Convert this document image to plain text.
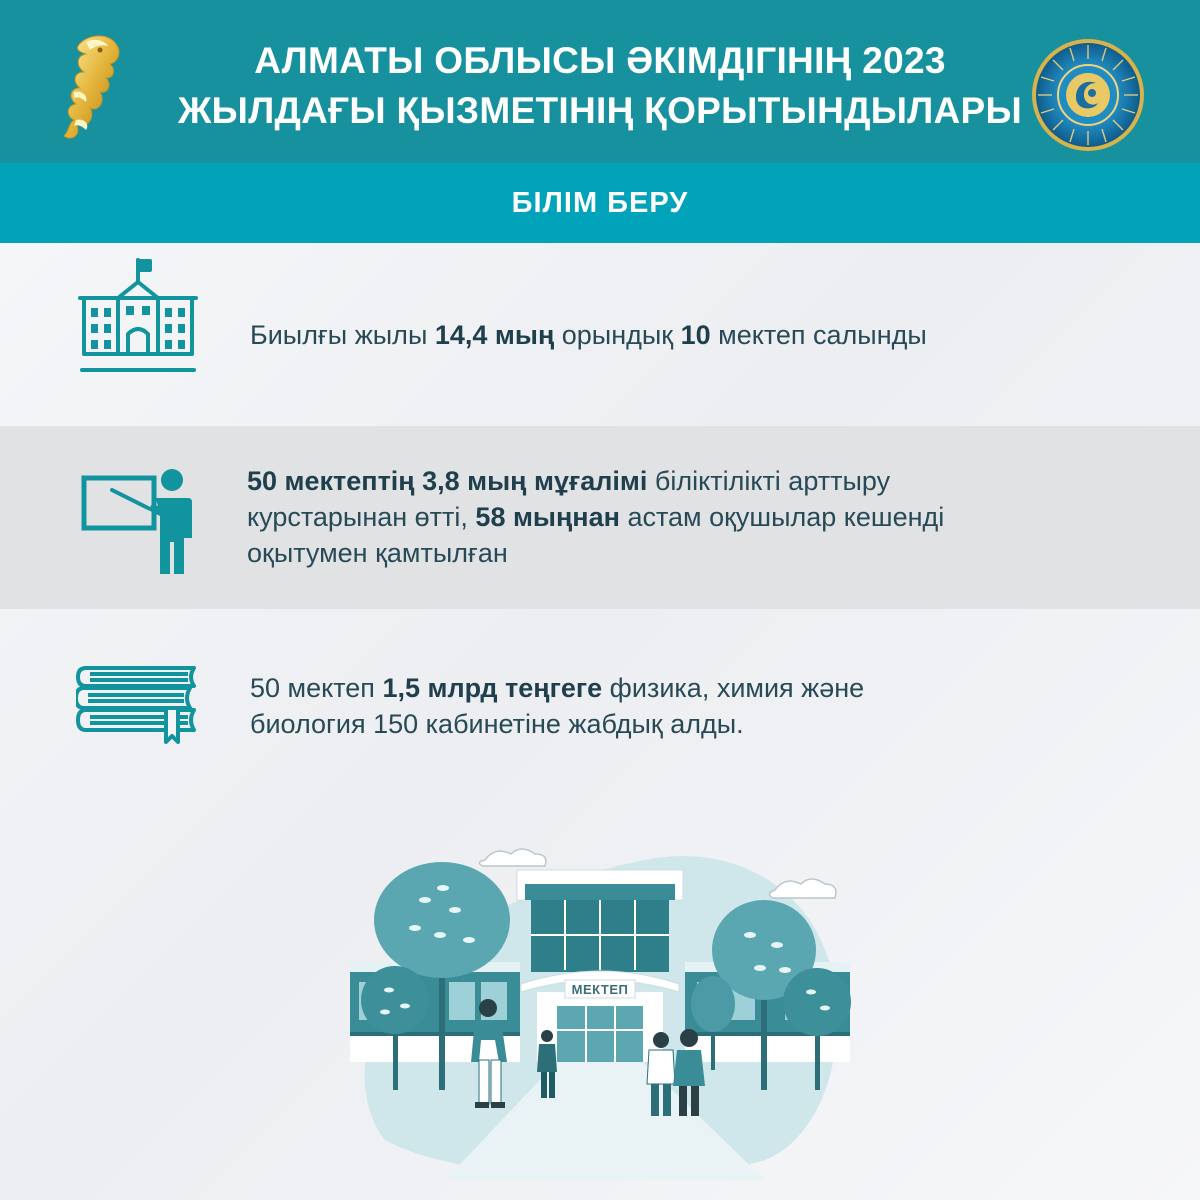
АЛМАТЫ ОБЛЫСЫ ӘКІМДІГІНІҢ 2023
ЖЫЛДАҒЫ ҚЫЗМЕТІНІҢ ҚОРЫТЫНДЫЛАРЫ
БІЛІМ БЕРУ
Биылғы жылы 14,4 мың орындық 10 мектеп салынды
50 мектептің 3,8 мың мұғалімі біліктілікті арттыру
курстарынан өтті, 58 мыңнан астам оқушылар кешенді
оқытумен қамтылған
50 мектеп 1,5 млрд теңгеге физика, химия және
биология 150 кабинетіне жабдық алды.
МЕКТЕП
